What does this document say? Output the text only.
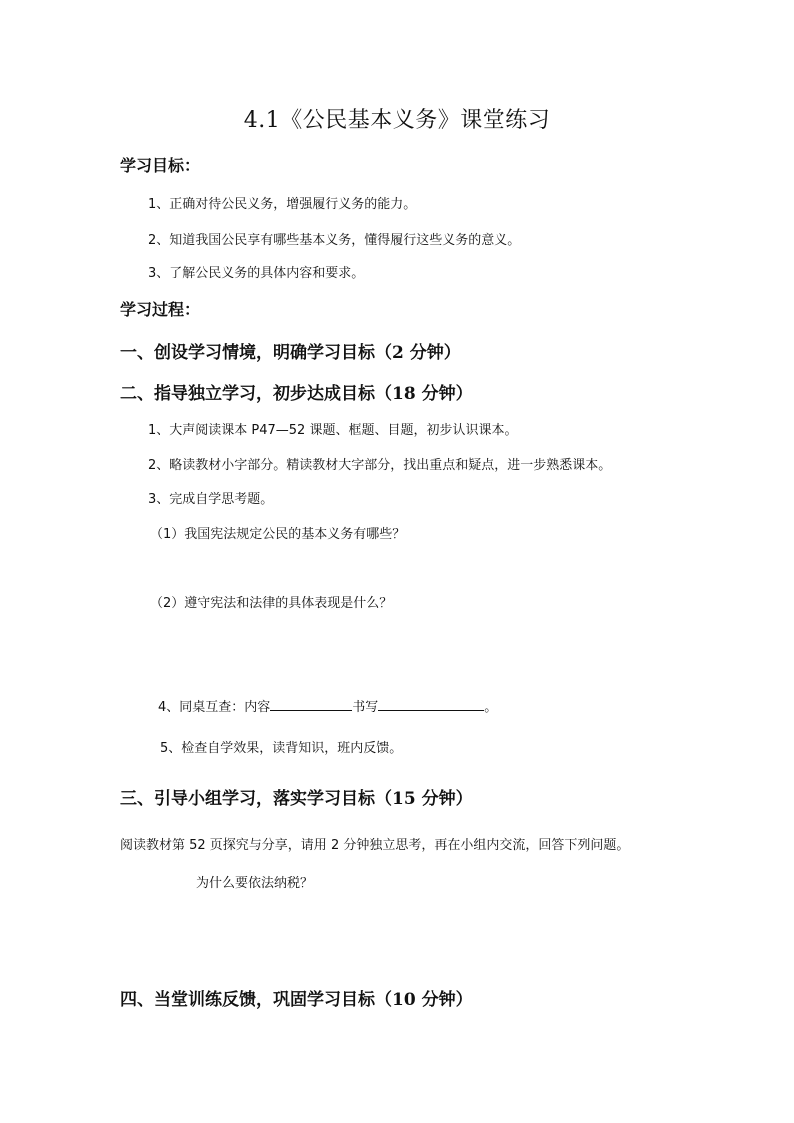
4.1《公民基本义务》课堂练习
学习目标：
1、正确对待公民义务，增强履行义务的能力。
2、知道我国公民享有哪些基本义务，懂得履行这些义务的意义。
3、了解公民义务的具体内容和要求。
学习过程：
一、创设学习情境，明确学习目标（2 分钟）
二、指导独立学习，初步达成目标（18 分钟）
1、大声阅读课本 P47—52 课题、框题、目题，初步认识课本。
2、略读教材小字部分。精读教材大字部分，找出重点和疑点，进一步熟悉课本。
3、完成自学思考题。
（1）我国宪法规定公民的基本义务有哪些？
（2）遵守宪法和法律的具体表现是什么？
4、同桌互查：内容	书写	。
5、检查自学效果，读背知识，班内反馈。
三、引导小组学习，落实学习目标（15 分钟）
阅读教材第 52 页探究与分享，请用 2 分钟独立思考，再在小组内交流，回答下列问题。
为什么要依法纳税？
四、当堂训练反馈，巩固学习目标（10 分钟）
